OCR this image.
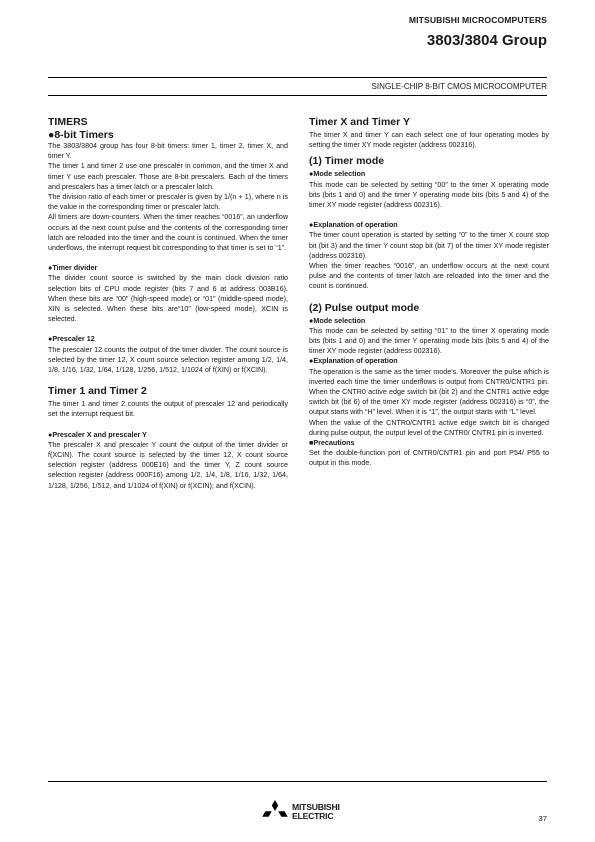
MITSUBISHI MICROCOMPUTERS
3803/3804 Group
SINGLE-CHIP 8-BIT CMOS MICROCOMPUTER
TIMERS
●8-bit Timers

The 3803/3804 group has four 8-bit timers: timer 1, timer 2, timer X, and timer Y.

The timer 1 and timer 2 use one prescaler in common, and the timer X and timer Y use each prescaler. Those are 8-bit prescalers. Each of the timers and prescalers has a timer latch or a prescaler latch.

The division ratio of each timer or prescaler is given by 1/(n + 1), where n is the value in the corresponding timer or prescaler latch.

All timers are down-counters. When the timer reaches “0016”, an underflow occurs at the next count pulse and the contents of the corresponding timer latch are reloaded into the timer and the count is continued. When the timer underflows, the interrupt request bit corresponding to that timer is set to “1”.

●Timer divider

The divider count source is switched by the main clock division ratio selection bits of CPU mode register (bits 7 and 6 at address 003B16). When these bits are “00” (high-speed mode) or “01” (middle-speed mode), XIN is selected. When these bits are“10” (low-speed mode), XCIN is selected.

●Prescaler 12

The prescaler 12 counts the output of the timer divider. The count source is selected by the timer 12, X count source selection register among 1/2, 1/4, 1/8, 1/16, 1/32, 1/64, 1/128, 1/256, 1/512, 1/1024 of f(XIN) or f(XCIN).

Timer 1 and Timer 2

The timer 1 and timer 2 counts the output of prescaler 12 and periodically set the interrupt request bit.

●Prescaler X and prescaler Y

The prescaler X and prescaler Y count the output of the timer divider or f(XCIN). The count source is selected by the timer 12, X count source selection register (address 000E16) and the timer Y, Z count source selection register (address 000F16) among 1/2, 1/4, 1/8, 1/16, 1/32, 1/64, 1/128, 1/256, 1/512, and 1/1024 of f(XIN) or f(XCIN); and f(XCIN).

Timer X and Timer Y

The timer X and timer Y can each select one of four operating modes by setting the timer XY mode register (address 002316).

(1) Timer mode
●Mode selection

This mode can be selected by setting “00” to the timer X operating mode bits (bits 1 and 0) and the timer Y operating mode bits (bits 5 and 4) of the timer XY mode register (address 002316).

●Explanation of operation

The timer count operation is started by setting “0” to the timer X count stop bit (bit 3) and the timer Y count stop bit (bit 7) of the timer XY mode register (address 002316).

When the timer reaches “0016”, an underflow occurs at the next count pulse and the contents of timer latch are reloaded into the timer and the count is continued.

(2) Pulse output mode
●Mode selection

This mode can be selected by setting “01” to the timer X operating mode bits (bits 1 and 0) and the timer Y operating mode bits (bits 5 and 4) of the timer XY mode register (address 002316).

●Explanation of operation

The operation is the same as the timer mode’s. Moreover the pulse which is inverted each time the timer underflows is output from CNTR0/CNTR1 pin. When the CNTR0 active edge switch bit (bit 2) and the CNTR1 active edge switch bit (bit 6) of the timer XY mode register (address 002316) is “0”, the output starts with “H” level. When it is “1”, the output starts with “L” level.

When the value of the CNTR0/CNTR1 active edge switch bit is changed during pulse output, the output level of the CNTR0/ CNTR1 pin is inverted.

■Precautions

Set the double-function port of CNTR0/CNTR1 pin and port P54/ P55 to output in this mode.

MITSUBISHI
ELECTRIC	37
